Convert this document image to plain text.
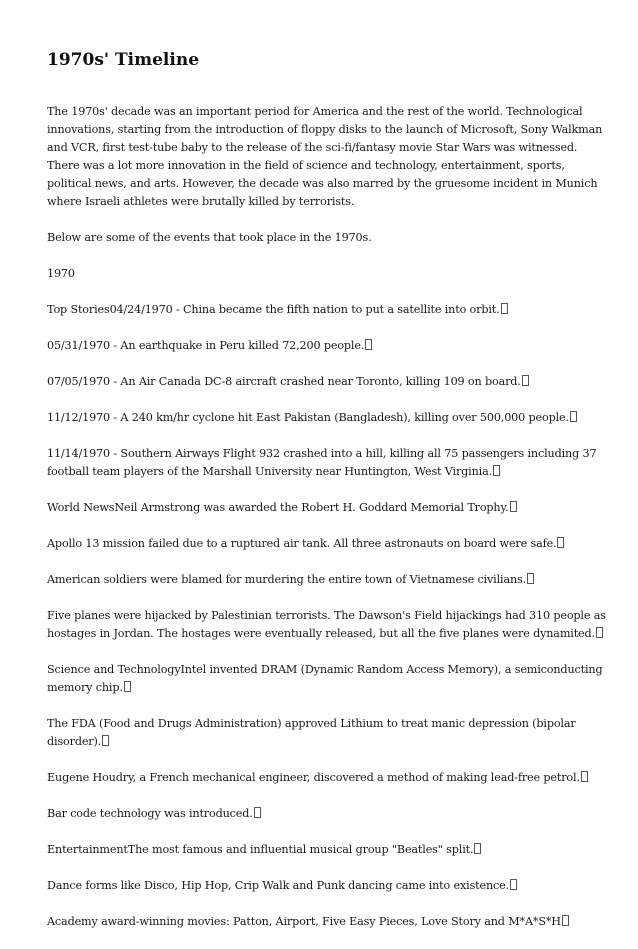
1970s' Timeline

The 1970s' decade was an important period for America and the rest of the world. Technological
innovations, starting from the introduction of floppy disks to the launch of Microsoft, Sony Walkman
and VCR, first test-tube baby to the release of the sci-fi/fantasy movie Star Wars was witnessed.
There was a lot more innovation in the field of science and technology, entertainment, sports,
political news, and arts. However, the decade was also marred by the gruesome incident in Munich
where Israeli athletes were brutally killed by terrorists.

Below are some of the events that took place in the 1970s.

1970

Top Stories04/24/1970 - China became the fifth nation to put a satellite into orbit.

05/31/1970 - An earthquake in Peru killed 72,200 people.

07/05/1970 - An Air Canada DC-8 aircraft crashed near Toronto, killing 109 on board.

11/12/1970 - A 240 km/hr cyclone hit East Pakistan (Bangladesh), killing over 500,000 people.

11/14/1970 - Southern Airways Flight 932 crashed into a hill, killing all 75 passengers including 37
football team players of the Marshall University near Huntington, West Virginia.

World NewsNeil Armstrong was awarded the Robert H. Goddard Memorial Trophy.

Apollo 13 mission failed due to a ruptured air tank. All three astronauts on board were safe.

American soldiers were blamed for murdering the entire town of Vietnamese civilians.

Five planes were hijacked by Palestinian terrorists. The Dawson's Field hijackings had 310 people as
hostages in Jordan. The hostages were eventually released, but all the five planes were dynamited.

Science and TechnologyIntel invented DRAM (Dynamic Random Access Memory), a semiconducting
memory chip.

The FDA (Food and Drugs Administration) approved Lithium to treat manic depression (bipolar
disorder).

Eugene Houdry, a French mechanical engineer, discovered a method of making lead-free petrol.

Bar code technology was introduced.

EntertainmentThe most famous and influential musical group "Beatles" split.

Dance forms like Disco, Hip Hop, Crip Walk and Punk dancing came into existence.

Academy award-winning movies: Patton, Airport, Five Easy Pieces, Love Story and M*A*S*H
